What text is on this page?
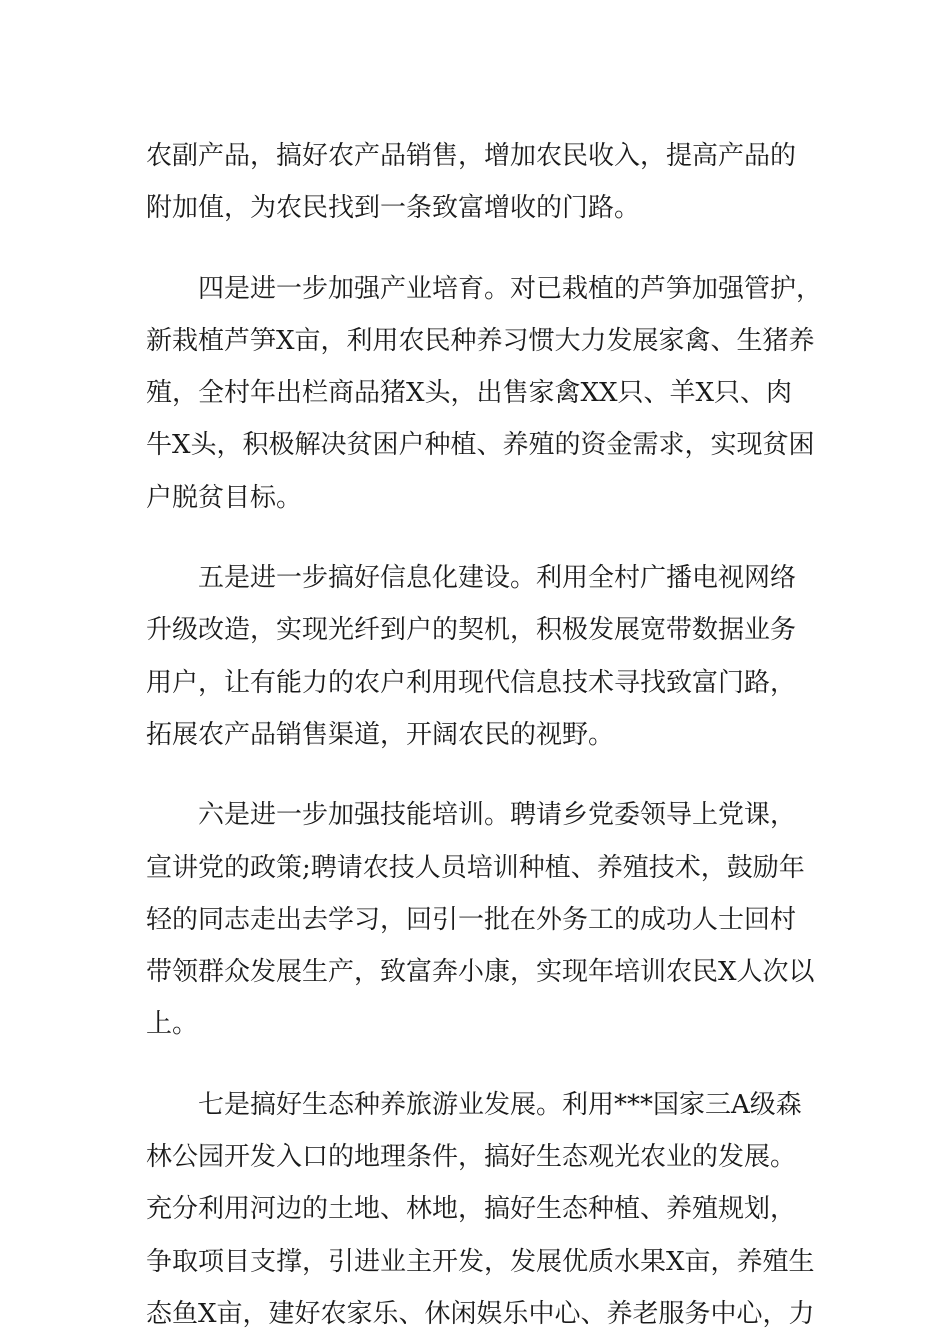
农副产品，搞好农产品销售，增加农民收入，提高产品的
附加值，为农民找到一条致富增收的门路。
四是进一步加强产业培育。对已栽植的芦笋加强管护，
新栽植芦笋X亩，利用农民种养习惯大力发展家禽、生猪养
殖，全村年出栏商品猪X头，出售家禽XX只、羊X只、肉
牛X头，积极解决贫困户种植、养殖的资金需求，实现贫困
户脱贫目标。
五是进一步搞好信息化建设。利用全村广播电视网络
升级改造，实现光纤到户的契机，积极发展宽带数据业务
用户，让有能力的农户利用现代信息技术寻找致富门路，
拓展农产品销售渠道，开阔农民的视野。
六是进一步加强技能培训。聘请乡党委领导上党课，
宣讲党的政策;聘请农技人员培训种植、养殖技术，鼓励年
轻的同志走出去学习，回引一批在外务工的成功人士回村
带领群众发展生产，致富奔小康，实现年培训农民X人次以
上。
七是搞好生态种养旅游业发展。利用***国家三A级森
林公园开发入口的地理条件，搞好生态观光农业的发展。
充分利用河边的土地、林地，搞好生态种植、养殖规划，
争取项目支撑，引进业主开发，发展优质水果X亩，养殖生
态鱼X亩，建好农家乐、休闲娱乐中心、养老服务中心，力
